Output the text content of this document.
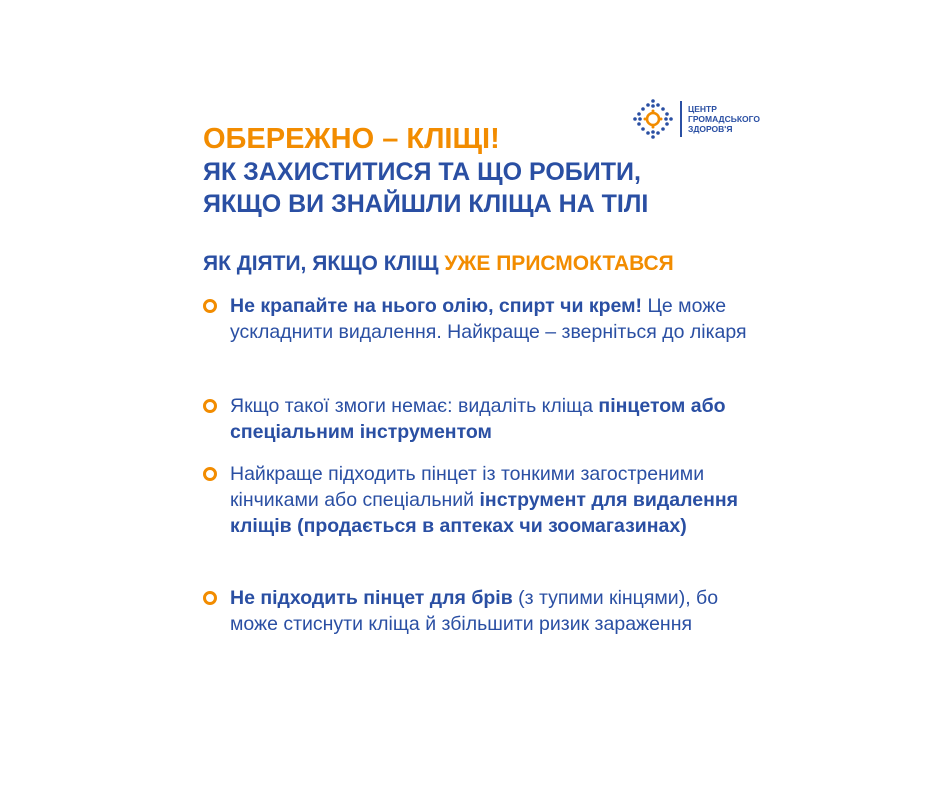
ЦЕНТР
ГРОМАДСЬКОГО
ЗДОРОВ'Я
ОБЕРЕЖНО – КЛІЩІ!
ЯК ЗАХИСТИТИСЯ ТА ЩО РОБИТИ,
ЯКЩО ВИ ЗНАЙШЛИ КЛІЩА НА ТІЛІ
ЯК ДІЯТИ, ЯКЩО КЛІЩ УЖЕ ПРИСМОКТАВСЯ
Не крапайте на нього олію, спирт чи крем! Це може ускладнити видалення. Найкраще – зверніться до лікаря
Якщо такої змоги немає: видаліть кліща пінцетом або спеціальним інструментом
Найкраще підходить пінцет із тонкими загостреними кінчиками або спеціальний інструмент для видалення кліщів (продається в аптеках чи зоомагазинах)
Не підходить пінцет для брів (з тупими кінцями), бо може стиснути кліща й збільшити ризик зараження
